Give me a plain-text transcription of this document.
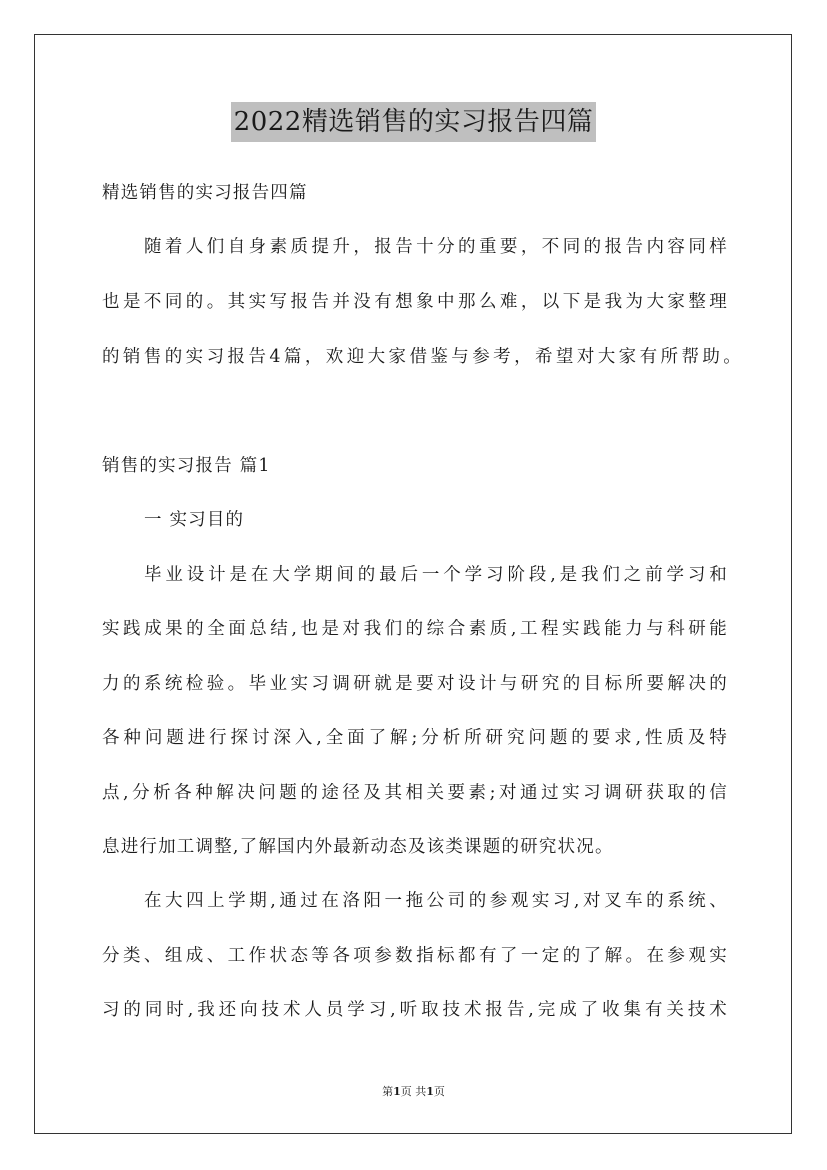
2022精选销售的实习报告四篇
精选销售的实习报告四篇
随着人们自身素质提升，报告十分的重要，不同的报告内容同样
也是不同的。其实写报告并没有想象中那么难，以下是我为大家整理
的销售的实习报告4篇，欢迎大家借鉴与参考，希望对大家有所帮助。
销售的实习报告 篇1
一 实习目的
毕业设计是在大学期间的最后一个学习阶段,是我们之前学习和
实践成果的全面总结,也是对我们的综合素质,工程实践能力与科研能
力的系统检验。毕业实习调研就是要对设计与研究的目标所要解决的
各种问题进行探讨深入,全面了解;分析所研究问题的要求,性质及特
点,分析各种解决问题的途径及其相关要素;对通过实习调研获取的信
息进行加工调整,了解国内外最新动态及该类课题的研究状况。
在大四上学期,通过在洛阳一拖公司的参观实习,对叉车的系统、
分类、组成、工作状态等各项参数指标都有了一定的了解。在参观实
习的同时,我还向技术人员学习,听取技术报告,完成了收集有关技术
第1页 共1页
